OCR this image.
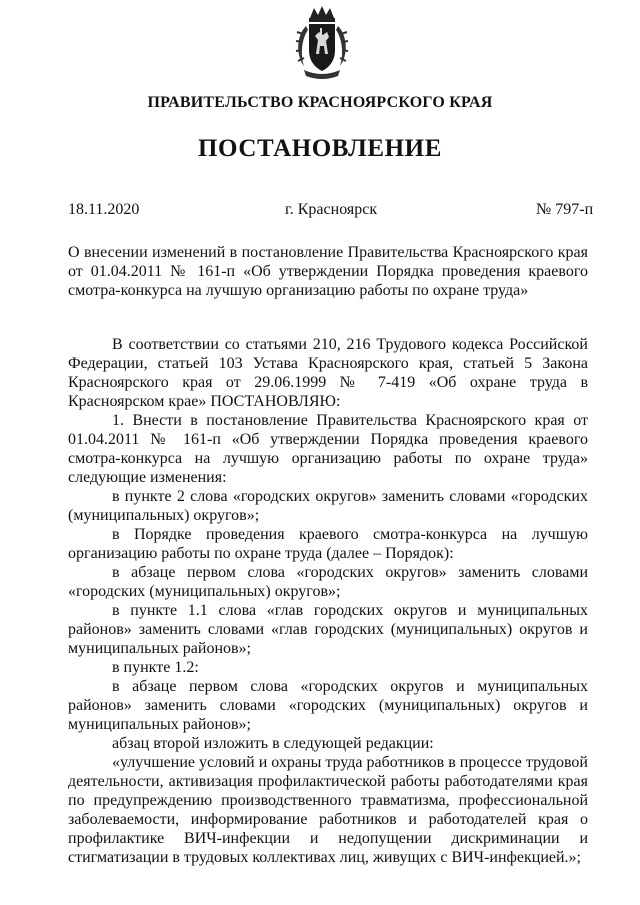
ПРАВИТЕЛЬСТВО КРАСНОЯРСКОГО КРАЯ
ПОСТАНОВЛЕНИЕ
18.11.2020	г. Красноярск	№ 797-п
О внесении изменений в постановление Правительства Красноярского края от 01.04.2011 № 161-п «Об утверждении Порядка проведения краевого смотра-конкурса на лучшую организацию работы по охране труда»

В соответствии со статьями 210, 216 Трудового кодекса Российской Федерации, статьей 103 Устава Красноярского края, статьей 5 Закона Красноярского края от 29.06.1999 № 7-419 «Об охране труда в Красноярском крае» ПОСТАНОВЛЯЮ:

1. Внести в постановление Правительства Красноярского края от 01.04.2011 № 161-п «Об утверждении Порядка проведения краевого смотра-конкурса на лучшую организацию работы по охране труда» следующие изменения:

в пункте 2 слова «городских округов» заменить словами «городских (муниципальных) округов»;

в Порядке проведения краевого смотра-конкурса на лучшую организацию работы по охране труда (далее – Порядок):

в абзаце первом слова «городских округов» заменить словами «городских (муниципальных) округов»;

в пункте 1.1 слова «глав городских округов и муниципальных районов» заменить словами «глав городских (муниципальных) округов и муниципальных районов»;

в пункте 1.2:

в абзаце первом слова «городских округов и муниципальных районов» заменить словами «городских (муниципальных) округов и муниципальных районов»;

абзац второй изложить в следующей редакции:

«улучшение условий и охраны труда работников в процессе трудовой деятельности, активизация профилактической работы работодателями края по предупреждению производственного травматизма, профессиональной заболеваемости, информирование работников и работодателей края о профилактике ВИЧ-инфекции и недопущении дискриминации и стигматизации в трудовых коллективах лиц, живущих с ВИЧ-инфекцией.»;
